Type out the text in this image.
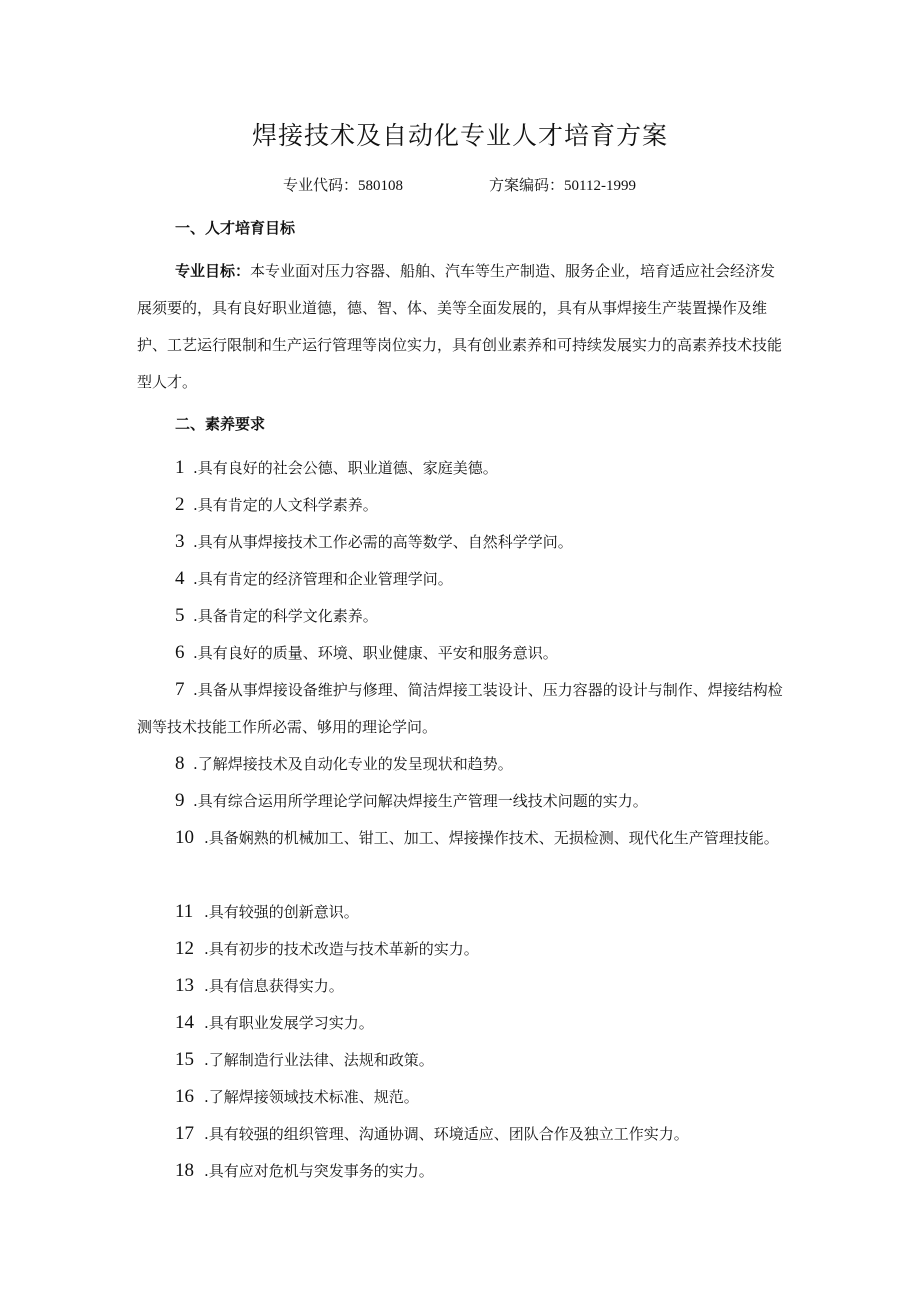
焊接技术及自动化专业人才培育方案
专业代码：580108	方案编码：50112-1999
一、人才培育目标
专业目标：本专业面对压力容器、船舶、汽车等生产制造、服务企业，培育适应社会经济发展须要的，具有良好职业道德，德、智、体、美等全面发展的，具有从事焊接生产装置操作及维护、工艺运行限制和生产运行管理等岗位实力，具有创业素养和可持续发展实力的高素养技术技能型人才。
二、素养要求
1 .具有良好的社会公德、职业道德、家庭美德。
2 .具有肯定的人文科学素养。
3 .具有从事焊接技术工作必需的高等数学、自然科学学问。
4 .具有肯定的经济管理和企业管理学问。
5 .具备肯定的科学文化素养。
6 .具有良好的质量、环境、职业健康、平安和服务意识。
7 .具备从事焊接设备维护与修理、简洁焊接工装设计、压力容器的设计与制作、焊接结构检测等技术技能工作所必需、够用的理论学问。
8 .了解焊接技术及自动化专业的发呈现状和趋势。
9 .具有综合运用所学理论学问解决焊接生产管理一线技术问题的实力。
10 .具备娴熟的机械加工、钳工、加工、焊接操作技术、无损检测、现代化生产管理技能。
11 .具有较强的创新意识。
12 .具有初步的技术改造与技术革新的实力。
13 .具有信息获得实力。
14 .具有职业发展学习实力。
15 .了解制造行业法律、法规和政策。
16 .了解焊接领域技术标准、规范。
17 .具有较强的组织管理、沟通协调、环境适应、团队合作及独立工作实力。
18 .具有应对危机与突发事务的实力。
